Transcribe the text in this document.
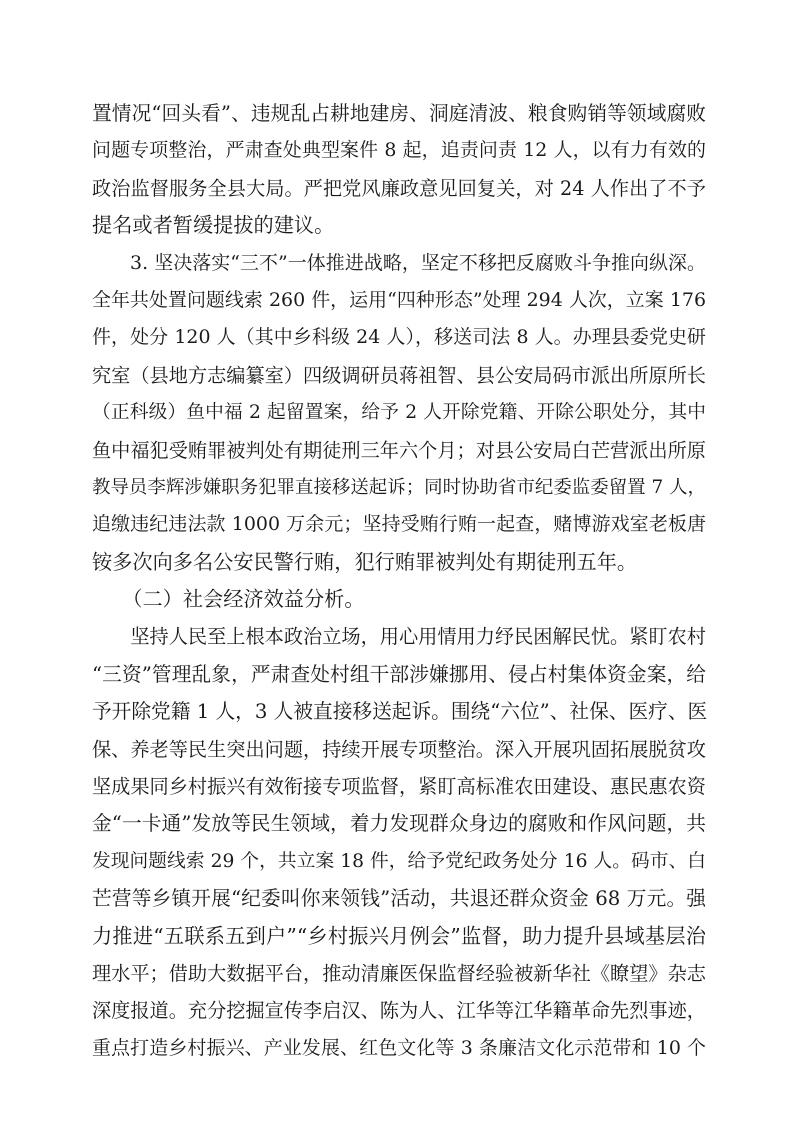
置情况“回头看”、违规乱占耕地建房、洞庭清波、粮食购销等领域腐败
问题专项整治，严肃查处典型案件 8 起，追责问责 12 人，以有力有效的
政治监督服务全县大局。严把党风廉政意见回复关，对 24 人作出了不予
提名或者暂缓提拔的建议。
　　3. 坚决落实“三不”一体推进战略，坚定不移把反腐败斗争推向纵深。
全年共处置问题线索 260 件，运用“四种形态”处理 294 人次，立案 176
件，处分 120 人（其中乡科级 24 人），移送司法 8 人。办理县委党史研
究室（县地方志编纂室）四级调研员蒋祖智、县公安局码市派出所原所长
（正科级）鱼中福 2 起留置案，给予 2 人开除党籍、开除公职处分，其中
鱼中福犯受贿罪被判处有期徒刑三年六个月；对县公安局白芒营派出所原
教导员李辉涉嫌职务犯罪直接移送起诉；同时协助省市纪委监委留置 7 人，
追缴违纪违法款 1000 万余元；坚持受贿行贿一起查，赌博游戏室老板唐
铵多次向多名公安民警行贿，犯行贿罪被判处有期徒刑五年。
　　（二）社会经济效益分析。
　　坚持人民至上根本政治立场，用心用情用力纾民困解民忧。紧盯农村
“三资”管理乱象，严肃查处村组干部涉嫌挪用、侵占村集体资金案，给
予开除党籍 1 人，3 人被直接移送起诉。围绕“六位”、社保、医疗、医
保、养老等民生突出问题，持续开展专项整治。深入开展巩固拓展脱贫攻
坚成果同乡村振兴有效衔接专项监督，紧盯高标准农田建设、惠民惠农资
金“一卡通”发放等民生领域，着力发现群众身边的腐败和作风问题，共
发现问题线索 29 个，共立案 18 件，给予党纪政务处分 16 人。码市、白
芒营等乡镇开展“纪委叫你来领钱”活动，共退还群众资金 68 万元。强
力推进“五联系五到户”“乡村振兴月例会”监督，助力提升县域基层治
理水平；借助大数据平台，推动清廉医保监督经验被新华社《瞭望》杂志
深度报道。充分挖掘宣传李启汉、陈为人、江华等江华籍革命先烈事迹，
重点打造乡村振兴、产业发展、红色文化等 3 条廉洁文化示范带和 10 个
